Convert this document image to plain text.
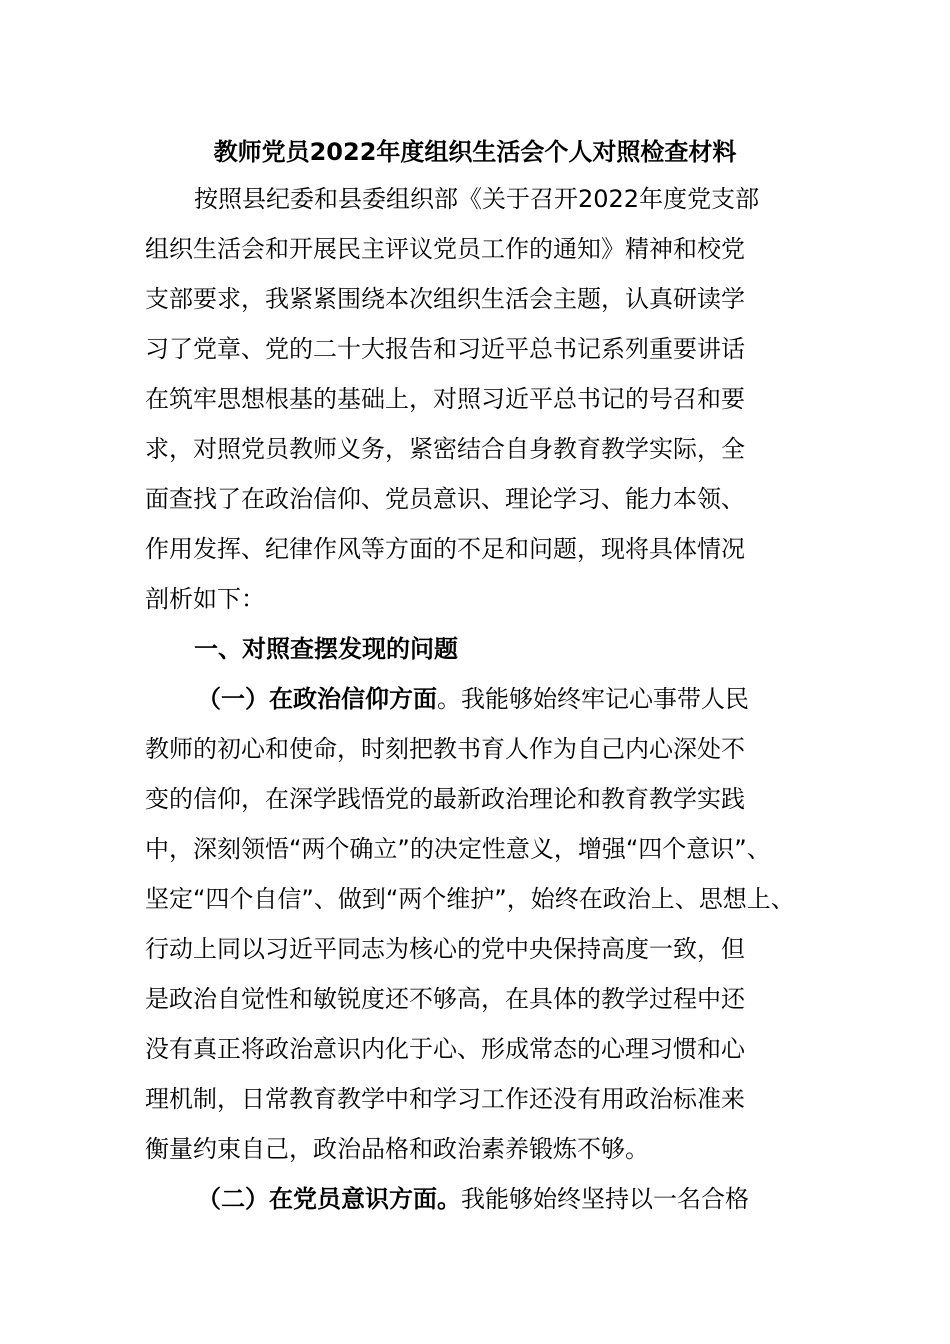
教师党员2022年度组织生活会个人对照检查材料
按照县纪委和县委组织部《关于召开2022年度党支部
组织生活会和开展民主评议党员工作的通知》精神和校党
支部要求，我紧紧围绕本次组织生活会主题，认真研读学
习了党章、党的二十大报告和习近平总书记系列重要讲话
在筑牢思想根基的基础上，对照习近平总书记的号召和要
求，对照党员教师义务，紧密结合自身教育教学实际，全
面查找了在政治信仰、党员意识、理论学习、能力本领、
作用发挥、纪律作风等方面的不足和问题，现将具体情况
剖析如下：
一、对照查摆发现的问题
（一）在政治信仰方面。我能够始终牢记心事带人民
教师的初心和使命，时刻把教书育人作为自己内心深处不
变的信仰，在深学践悟党的最新政治理论和教育教学实践
中，深刻领悟“两个确立”的决定性意义，增强“四个意识”、
坚定“四个自信”、做到“两个维护”，始终在政治上、思想上、
行动上同以习近平同志为核心的党中央保持高度一致，但
是政治自觉性和敏锐度还不够高，在具体的教学过程中还
没有真正将政治意识内化于心、形成常态的心理习惯和心
理机制，日常教育教学中和学习工作还没有用政治标准来
衡量约束自己，政治品格和政治素养锻炼不够。
（二）在党员意识方面。我能够始终坚持以一名合格
